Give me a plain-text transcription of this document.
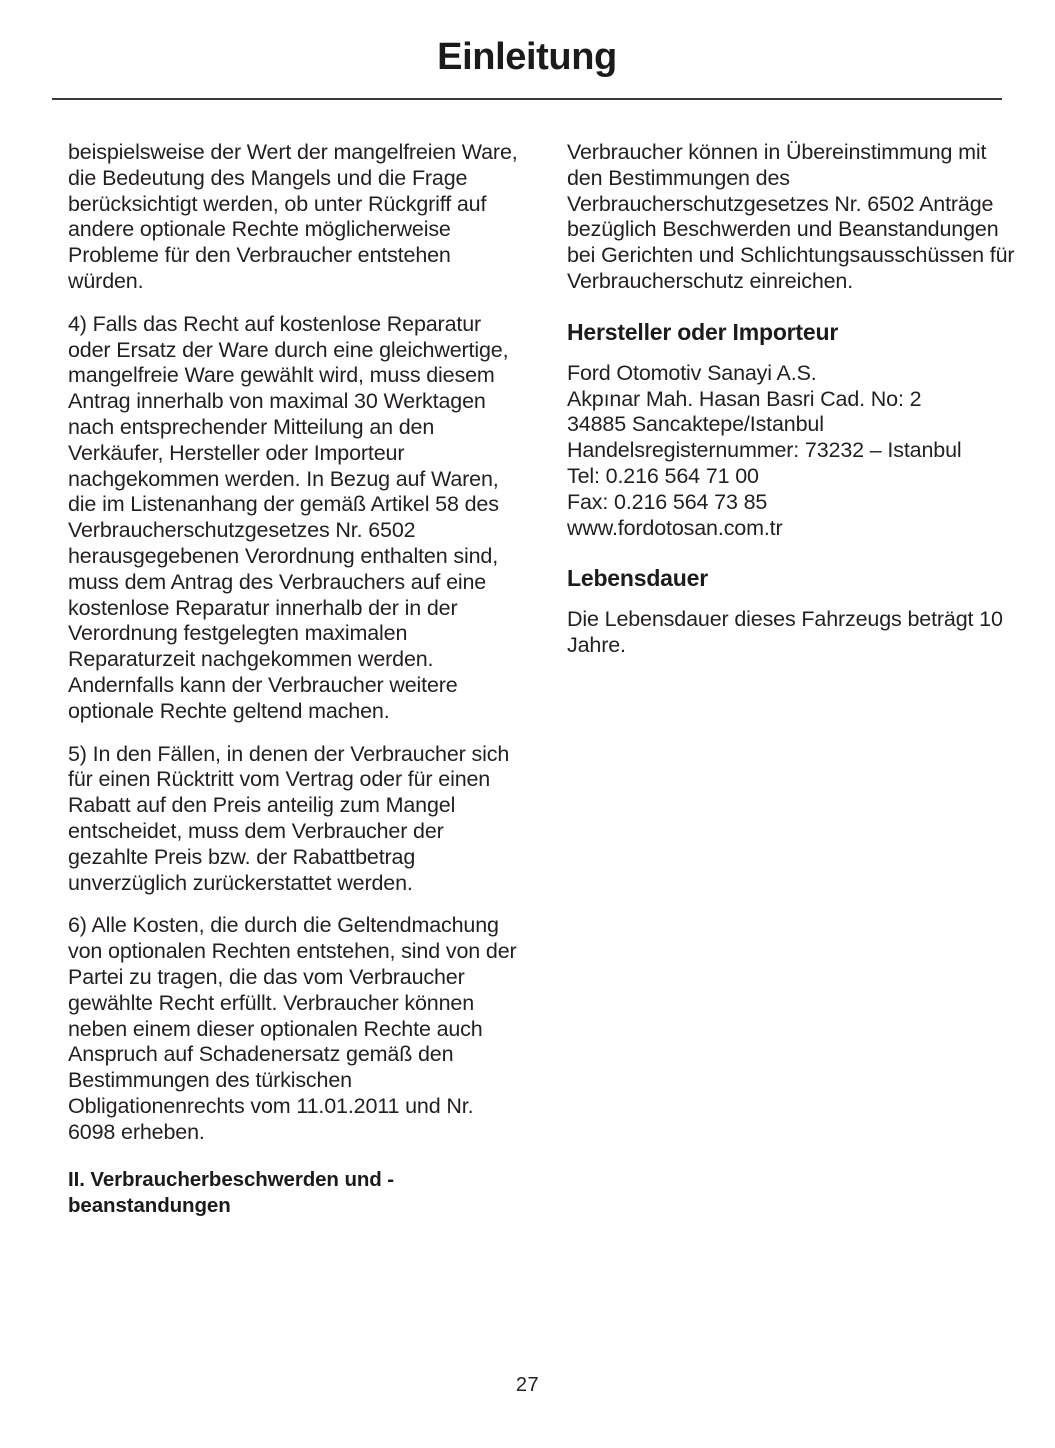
Einleitung

beispielsweise der Wert der mangelfreien Ware, die Bedeutung des Mangels und die Frage berücksichtigt werden, ob unter Rückgriff auf andere optionale Rechte möglicherweise Probleme für den Verbraucher entstehen würden.

4) Falls das Recht auf kostenlose Reparatur oder Ersatz der Ware durch eine gleichwertige, mangelfreie Ware gewählt wird, muss diesem Antrag innerhalb von maximal 30 Werktagen nach entsprechender Mitteilung an den Verkäufer, Hersteller oder Importeur nachgekommen werden. In Bezug auf Waren, die im Listenanhang der gemäß Artikel 58 des Verbraucherschutzgesetzes Nr. 6502 herausgegebenen Verordnung enthalten sind, muss dem Antrag des Verbrauchers auf eine kostenlose Reparatur innerhalb der in der Verordnung festgelegten maximalen Reparaturzeit nachgekommen werden. Andernfalls kann der Verbraucher weitere optionale Rechte geltend machen.

5) In den Fällen, in denen der Verbraucher sich für einen Rücktritt vom Vertrag oder für einen Rabatt auf den Preis anteilig zum Mangel entscheidet, muss dem Verbraucher der gezahlte Preis bzw. der Rabattbetrag unverzüglich zurückerstattet werden.

6) Alle Kosten, die durch die Geltendmachung von optionalen Rechten entstehen, sind von der Partei zu tragen, die das vom Verbraucher gewählte Recht erfüllt. Verbraucher können neben einem dieser optionalen Rechte auch Anspruch auf Schadenersatz gemäß den Bestimmungen des türkischen Obligationenrechts vom 11.01.2011 und Nr. 6098 erheben.

II. Verbraucherbeschwerden und -beanstandungen

Verbraucher können in Übereinstimmung mit den Bestimmungen des Verbraucherschutzgesetzes Nr. 6502 Anträge bezüglich Beschwerden und Beanstandungen bei Gerichten und Schlichtungsausschüssen für Verbraucherschutz einreichen.

Hersteller oder Importeur
Ford Otomotiv Sanayi A.S.
Akpınar Mah. Hasan Basri Cad. No: 2
34885 Sancaktepe/Istanbul
Handelsregisternummer: 73232 – Istanbul
Tel: 0.216 564 71 00
Fax: 0.216 564 73 85
www.fordotosan.com.tr
Lebensdauer

Die Lebensdauer dieses Fahrzeugs beträgt 10 Jahre.

27
